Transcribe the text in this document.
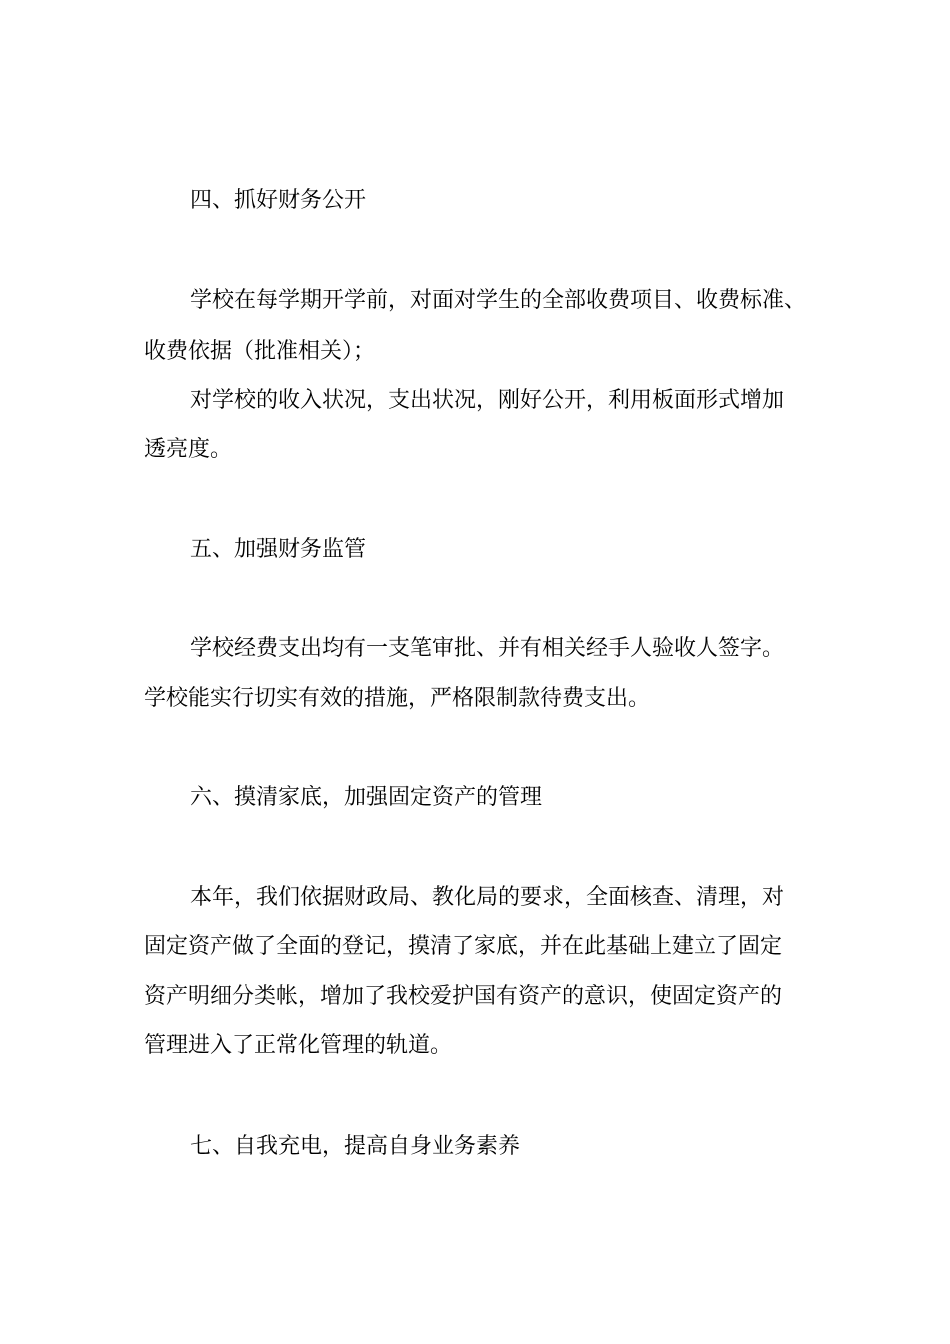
四、抓好财务公开
学校在每学期开学前，对面对学生的全部收费项目、收费标准、
收费依据（批准相关）；
对学校的收入状况，支出状况，刚好公开，利用板面形式增加
透亮度。
五、加强财务监管
学校经费支出均有一支笔审批、并有相关经手人验收人签字。
学校能实行切实有效的措施，严格限制款待费支出。
六、摸清家底，加强固定资产的管理
本年，我们依据财政局、教化局的要求，全面核查、清理，对
固定资产做了全面的登记，摸清了家底，并在此基础上建立了固定
资产明细分类帐，增加了我校爱护国有资产的意识，使固定资产的
管理进入了正常化管理的轨道。
七、自我充电，提高自身业务素养
